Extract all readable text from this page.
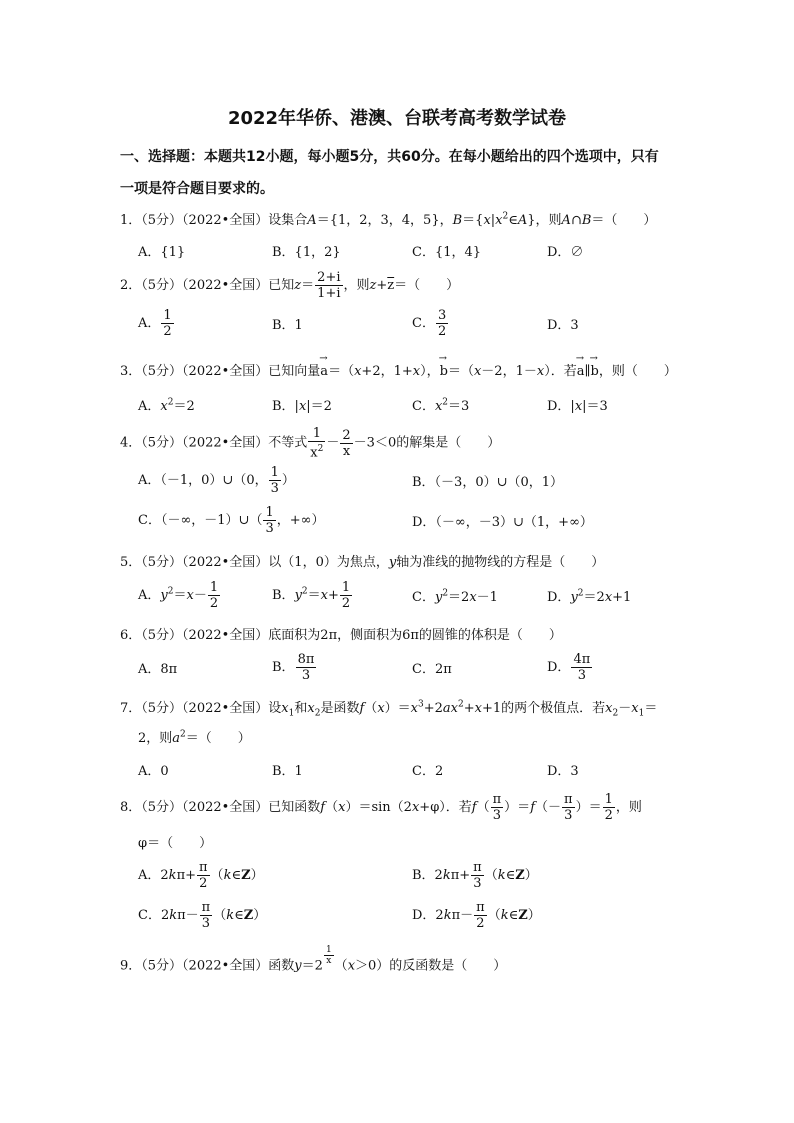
2022年华侨、港澳、台联考高考数学试卷
一、选择题：本题共12小题，每小题5分，共60分。在每小题给出的四个选项中，只有
一项是符合题目要求的。
1．（5分）（2022•全国）设集合A＝{1，2，3，4，5}，$B=\{x|x^2\in A\}$，则A∩B＝（　　）
A．{1}	B．{1，2}	C．{1，4}	D．∅
2．（5分）（2022•全国）已知$z= \frac{2+i}{1+i}$ ，则$z+\overline{z}=$（　　）
A． $\frac{1}{2}$	B．1	C． $\frac{3}{2}$	D．3
3．（5分）（2022•全国）已知向量→ a＝（x+2，1+x），→ b＝（x－2，1－x）．若→ a∥→ b，则（　　）
A．$x^2=2$	B．|x|＝2	C．$x^2=3$	D．|x|＝3
4．（5分）（2022•全国）不等式 $\frac{1}{x^2} - \frac{2}{x} -3<0$的解集是（　　）
A．（－1，0）∪（0， $\frac{1}{3}$ ）	B．（－3，0）∪（0，1）
C．（－∞，－1）∪（ $\frac{1}{3}$ ，+∞）	D．（－∞，－3）∪（1，+∞）
5．（5分）（2022•全国）以（1，0）为焦点，y轴为准线的抛物线的方程是（　　）
A．$y^2=x- \frac{1}{2}$	B．$y^2=x+ \frac{1}{2}$	C．$y^2=2x-1$	D．$y^2=2x+1$
6．（5分）（2022•全国）底面积为2π，侧面积为6π的圆锥的体积是（　　）
A．8π	B． $\frac{8\pi}{3}$	C．2π	D． $\frac{4\pi}{3}$
7．（5分）（2022•全国）设$x_1$和$x_2$是函数$f(x)=x^3+2ax^2+x+1$的两个极值点．若$x_2-x_1=$
2，则$a^2=$（　　）
A．0	B．1	C．2	D．3
8．（5分）（2022•全国）已知函数f（x）＝sin（2x+φ）．若$f( \frac{\pi}{3} )=f(- \frac{\pi}{3}$ ）＝ $\frac{1}{2}$ ，则
φ＝（　　）
A．$2k\pi+ \frac{\pi}{2}$ （k∈Z）	B．$2k\pi+ \frac{\pi}{3}$ （k∈Z）
C．$2k\pi- \frac{\pi}{3}$ （k∈Z）	D．$2k\pi- \frac{\pi}{2}$ （k∈Z）
9．（5分）（2022•全国）函数y＝2 $^{\frac{1}{x}}$ （x＞0）的反函数是（　　）
